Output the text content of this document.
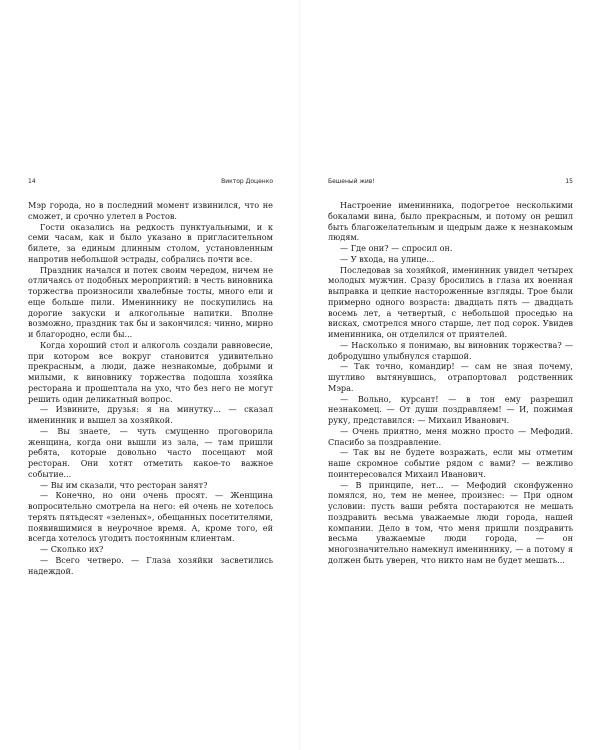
14	Виктор Доценко

Мэр города, но в последний момент извинился, что не сможет, и срочно улетел в Ростов.

Гости оказались на редкость пунктуальными, и к семи часам, как и было указано в пригласительном билете, за единым длинным столом, установленным напротив небольшой эстрады, собрались почти все.

Праздник начался и потек своим чередом, ничем не отличаясь от подобных мероприятий: в честь виновника торжества произносили хвалебные тосты, много ели и еще больше пили. Имениннику не поскупились на дорогие закуски и алкогольные напитки. Вполне возможно, праздник так бы и закончился: чинно, мирно и благородно, если бы...

Когда хороший стол и алкоголь создали равновесие, при котором все вокруг становится удивительно прекрасным, а люди, даже незнакомые, добрыми и милыми, к виновнику торжества подошла хозяйка ресторана и прошептала на ухо, что без него не могут решить один деликатный вопрос.

— Извините, друзья: я на минутку... — сказал именинник и вышел за хозяйкой.

— Вы знаете, — чуть смущенно проговорила женщина, когда они вышли из зала, — там пришли ребята, которые довольно часто посещают мой ресторан. Они хотят отметить какое-то важное событие...

— Вы им сказали, что ресторан занят?

— Конечно, но они очень просят. — Женщина вопросительно смотрела на него: ей очень не хотелось терять пятьдесят «зеленых», обещанных посетителями, появившимися в неурочное время. А, кроме того, ей всегда хотелось угодить постоянным клиентам.

— Сколько их?

— Всего четверо. — Глаза хозяйки засветились надеждой.

Бешеный жив!	15

Настроение именинника, подогретое несколькими бокалами вина, было прекрасным, и потому он решил быть благожелательным и щедрым даже к незнакомым людям.

— Где они? — спросил он.

— У входа, на улице...

Последовав за хозяйкой, именинник увидел четырех молодых мужчин. Сразу бросились в глаза их военная выправка и цепкие настороженные взгляды. Трое были примерно одного возраста: двадцать пять — двадцать восемь лет, а четвертый, с небольшой проседью на висках, смотрелся много старше, лет под сорок. Увидев именинника, он отделился от приятелей.

— Насколько я понимаю, вы виновник торжества? — добродушно улыбнулся старшой.

— Так точно, командир! — сам не зная почему, шутливо вытянувшись, отрапортовал родственник Мэра.

— Вольно, курсант! — в тон ему разрешил незнакомец. — От души поздравляем! — И, пожимая руку, представился: — Михаил Иванович.

— Очень приятно, меня можно просто — Мефодий. Спасибо за поздравление.

— Так вы не будете возражать, если мы отметим наше скромное событие рядом с вами? — вежливо поинтересовался Михаил Иванович.

— В принципе, нет... — Мефодий сконфуженно помялся, но, тем не менее, произнес: — При одном условии: пусть ваши ребята постараются не мешать поздравить весьма уважаемые люди города, нашей компании. Дело в том, что меня пришли поздравить весьма уважаемые люди города, — он многозначительно намекнул имениннику, — а потому я должен быть уверен, что никто нам не будет мешать...
